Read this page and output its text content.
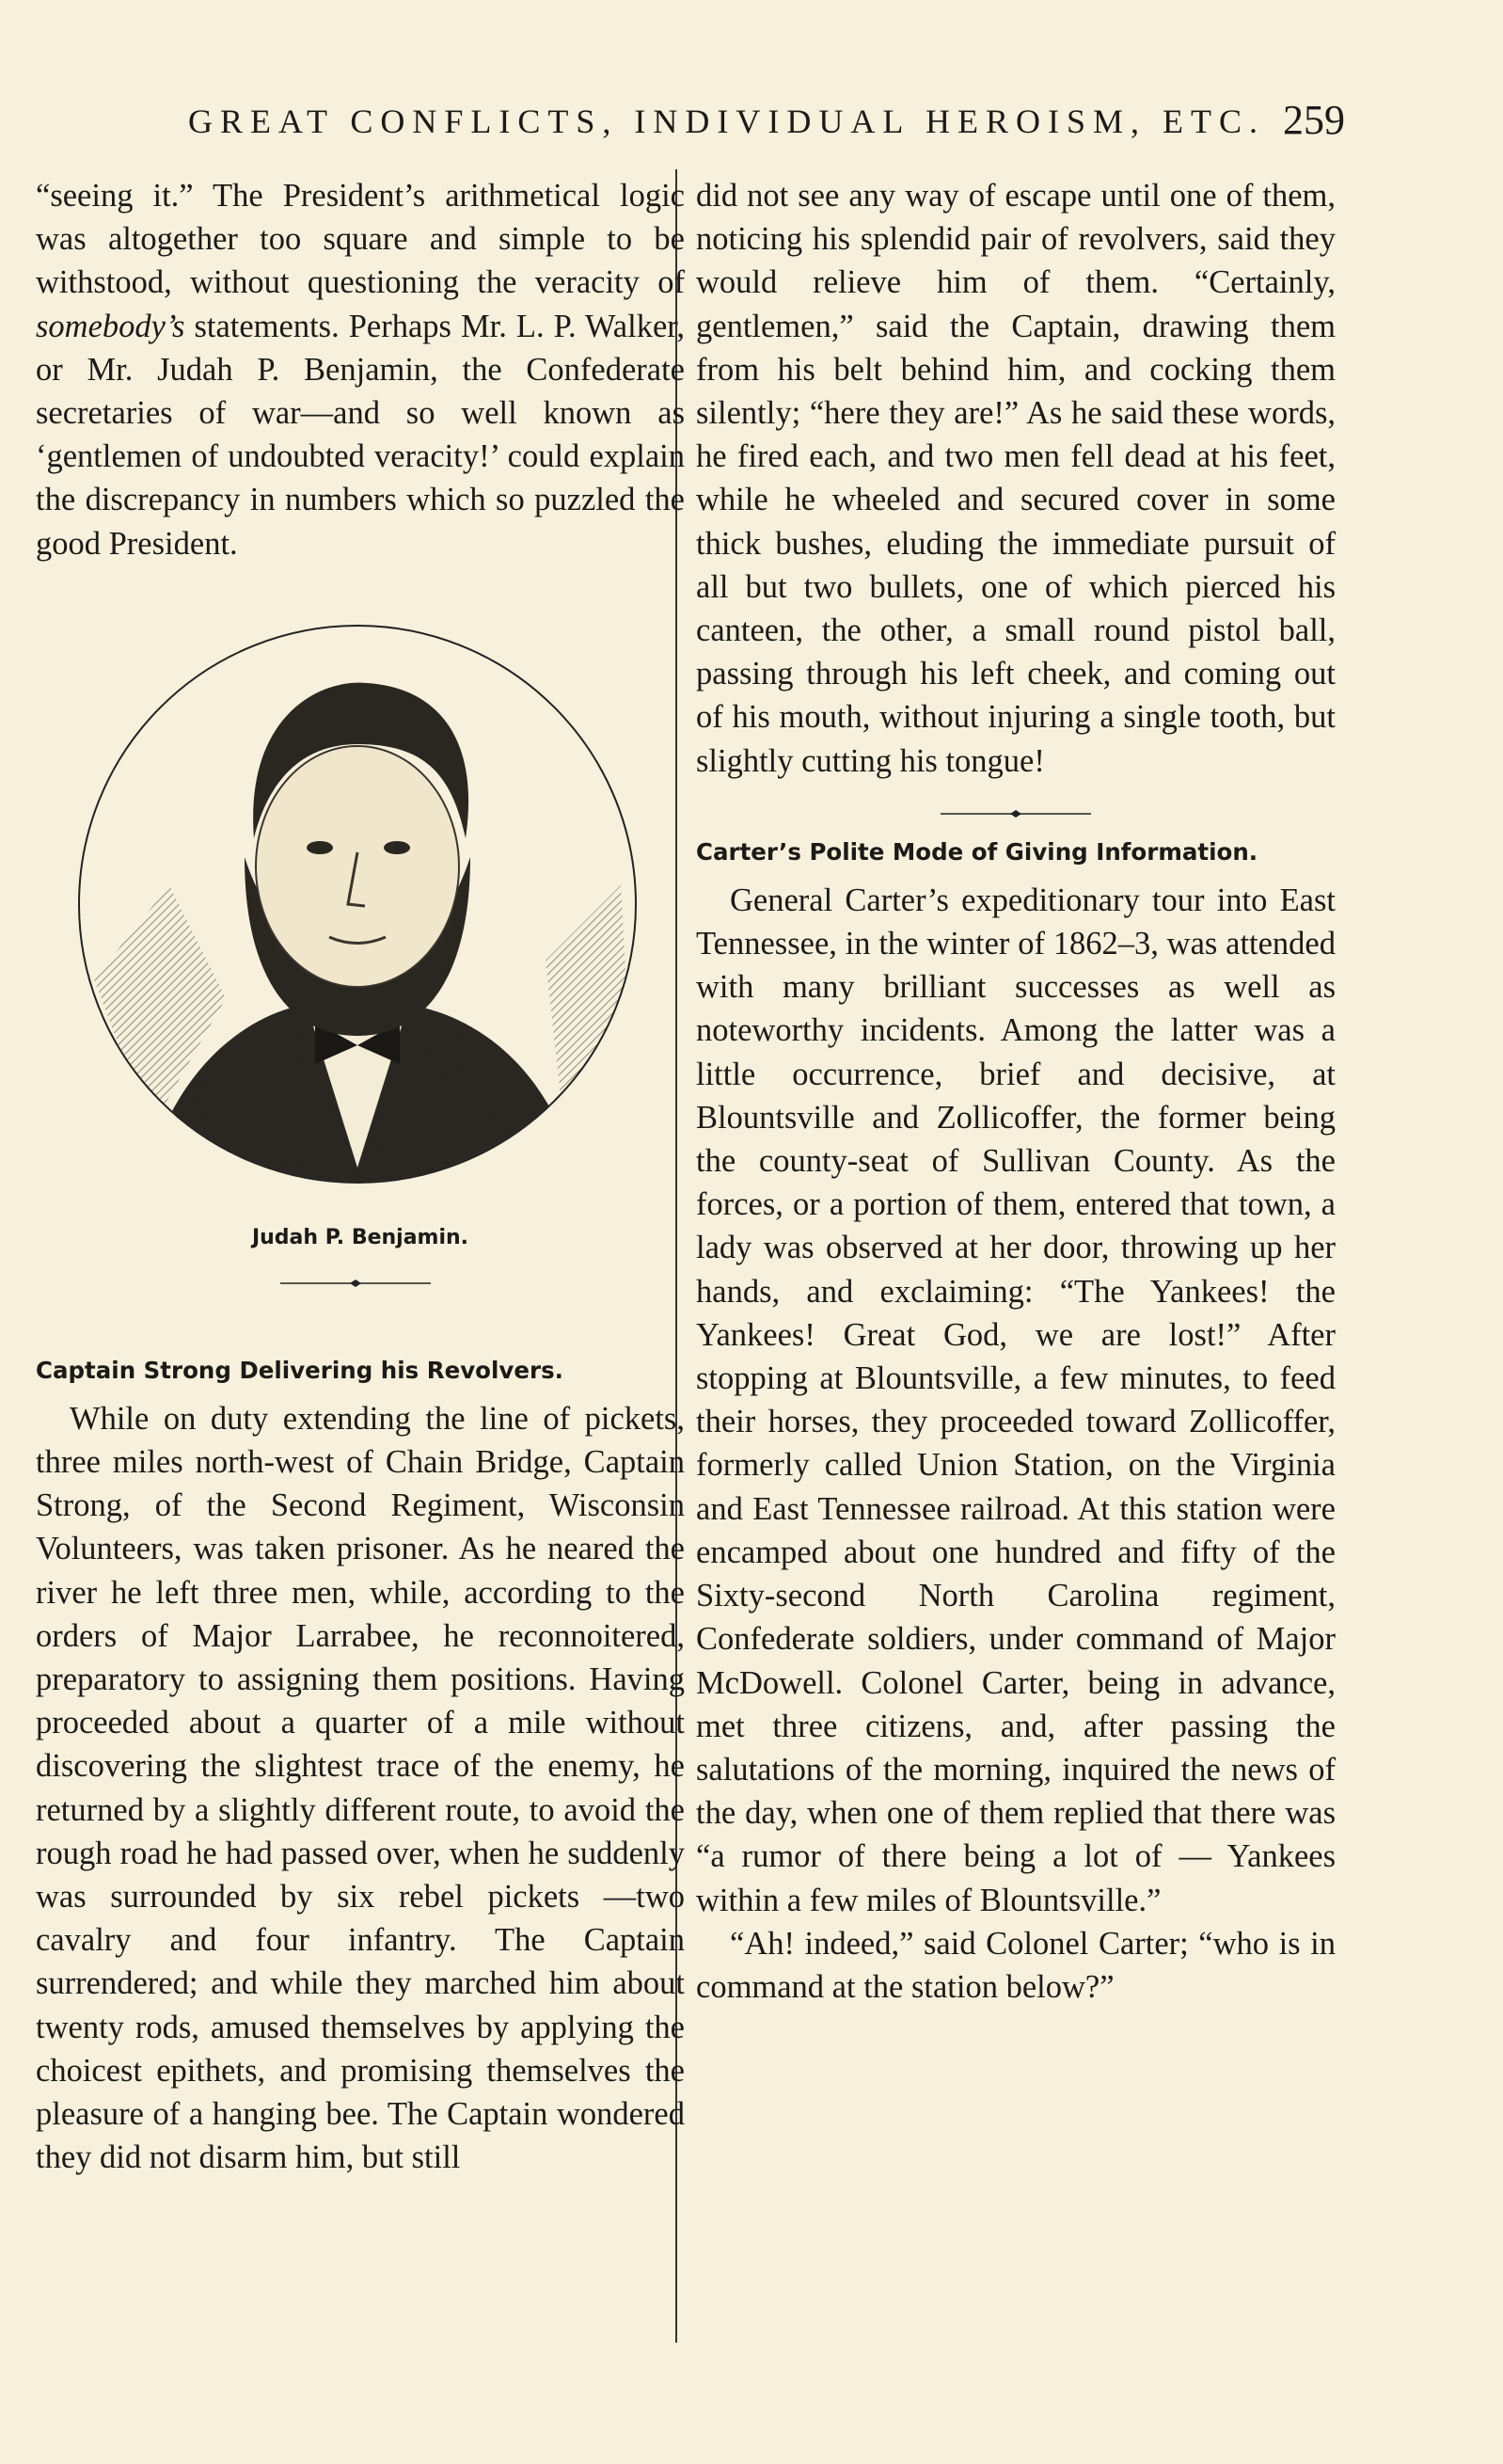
GREAT CONFLICTS, INDIVIDUAL HEROISM, ETC. 259

“seeing it.” The President’s arithmetical logic was altogether too square and simple to be withstood, without questioning the veracity of somebody’s statements. Perhaps Mr. L. P. Walker, or Mr. Judah P. Benjamin, the Confederate secretaries of war—and so well known as ‘gentlemen of undoubted veracity!’ could explain the discrepancy in numbers which so puzzled the good President.

Judah P. Benjamin.
Captain Strong Delivering his Revolvers.

While on duty extending the line of pickets, three miles north-west of Chain Bridge, Captain Strong, of the Second Regiment, Wisconsin Volunteers, was taken prisoner. As he neared the river he left three men, while, according to the orders of Major Larrabee, he reconnoitered, preparatory to assigning them positions. Having proceeded about a quarter of a mile without discovering the slightest trace of the enemy, he returned by a slightly different route, to avoid the rough road he had passed over, when he suddenly was surrounded by six rebel pickets —two cavalry and four infantry. The Captain surrendered; and while they marched him about twenty rods, amused themselves by applying the choicest epithets, and promising themselves the pleasure of a hanging bee. The Captain wondered they did not disarm him, but still

did not see any way of escape until one of them, noticing his splendid pair of revolvers, said they would relieve him of them. “Certainly, gentlemen,” said the Captain, drawing them from his belt behind him, and cocking them silently; “here they are!” As he said these words, he fired each, and two men fell dead at his feet, while he wheeled and secured cover in some thick bushes, eluding the immediate pursuit of all but two bullets, one of which pierced his canteen, the other, a small round pistol ball, passing through his left cheek, and coming out of his mouth, without injuring a single tooth, but slightly cutting his tongue!

Carter’s Polite Mode of Giving Information.

General Carter’s expeditionary tour into East Tennessee, in the winter of 1862–3, was attended with many brilliant successes as well as noteworthy incidents. Among the latter was a little occurrence, brief and decisive, at Blountsville and Zollicoffer, the former being the county-seat of Sullivan County. As the forces, or a portion of them, entered that town, a lady was observed at her door, throwing up her hands, and exclaiming: “The Yankees! the Yankees! Great God, we are lost!” After stopping at Blountsville, a few minutes, to feed their horses, they proceeded toward Zollicoffer, formerly called Union Station, on the Virginia and East Tennessee railroad. At this station were encamped about one hundred and fifty of the Sixty-second North Carolina regiment, Confederate soldiers, under command of Major McDowell. Colonel Carter, being in advance, met three citizens, and, after passing the salutations of the morning, inquired the news of the day, when one of them replied that there was “a rumor of there being a lot of — Yankees within a few miles of Blountsville.”

“Ah! indeed,” said Colonel Carter; “who is in command at the station below?”
